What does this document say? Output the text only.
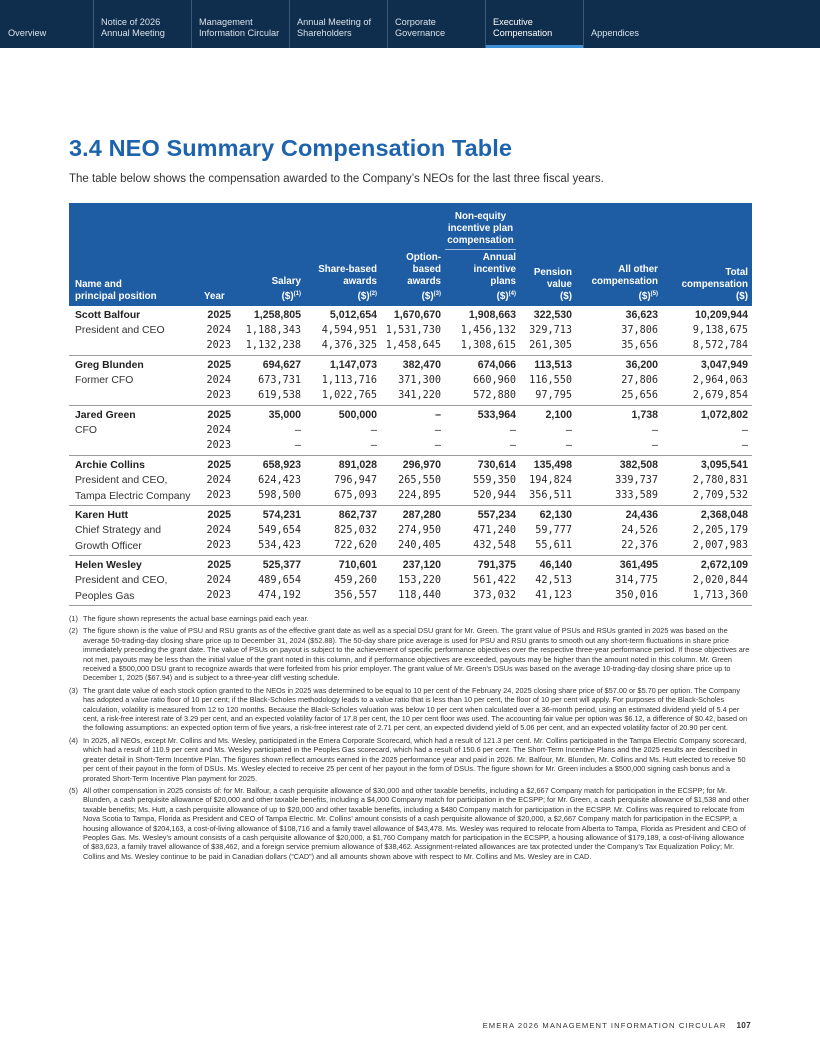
Overview
Notice of 2026
Annual Meeting
Management
Information Circular
Annual Meeting of
Shareholders
Corporate
Governance
Executive
Compensation	Appendices
3.4 NEO Summary Compensation Table

The table below shows the compensation awarded to the Company’s NEOs for the last three fiscal years.

Non-equity
incentive plan
compensation
Name and
principal position	Year
Salary
($)$^{(1)}$
Share-based
awards
($)$^{(2)}$
Option-
based
awards
($)$^{(3)}$
Annual
incentive
plans
($)$^{(4)}$
Pension
value
($)
All other
compensation
($)$^{(5)}$
Total
compensation
($)
Scott Balfour
President and CEO
2025	1,258,805	5,012,654	1,670,670	1,908,663	322,530	36,623	10,209,944
2024	1,188,343	4,594,951 1,531,730	1,456,132	329,713	37,806	9,138,675
2023	1,132,238	4,376,325 1,458,645	1,308,615	261,305	35,656	8,572,784
Greg Blunden
Former CFO
2025	694,627	1,147,073	382,470	674,066	113,513	36,200	3,047,949
2024	673,731	1,113,716	371,300	660,960	116,550	27,806	2,964,063
2023	619,538	1,022,765	341,220	572,880	97,795	25,656	2,679,854
Jared Green
CFO
2025	35,000	500,000	–	533,964	2,100	1,738	1,072,802
2024	–	–	–	–	–	–	–
2023	–	–	–	–	–	–	–
Archie Collins
President and CEO,
Tampa Electric Company
2025	658,923	891,028	296,970	730,614	135,498	382,508	3,095,541
2024	624,423	796,947	265,550	559,350	194,824	339,737	2,780,831
2023	598,500	675,093	224,895	520,944	356,511	333,589	2,709,532
Karen Hutt
Chief Strategy and
Growth Officer
2025	574,231	862,737	287,280	557,234	62,130	24,436	2,368,048
2024	549,654	825,032	274,950	471,240	59,777	24,526	2,205,179
2023	534,423	722,620	240,405	432,548	55,611	22,376	2,007,983
Helen Wesley
President and CEO,
Peoples Gas
2025	525,377	710,601	237,120	791,375	46,140	361,495	2,672,109
2024	489,654	459,260	153,220	561,422	42,513	314,775	2,020,844
2023	474,192	356,557	118,440	373,032	41,123	350,016	1,713,360
(1) The figure shown represents the actual base earnings paid each year.
(2) The figure shown is the value of PSU and RSU grants as of the effective grant date as well as a special DSU grant for Mr. Green. The grant value of PSUs and RSUs granted in 2025 was based on the average 50-trading-day closing share price up to December 31, 2024 ($52.88). The 50-day share price average is used for PSU and RSU grants to smooth out any short-term fluctuations in share price immediately preceding the grant date. The value of PSUs on payout is subject to the achievement of specific performance objectives over the respective three-year performance period. If those objectives are not met, payouts may be less than the initial value of the grant noted in this column, and if performance objectives are exceeded, payouts may be higher than the amount noted in this column. Mr. Green received a $500,000 DSU grant to recognize awards that were forfeited from his prior employer. The grant value of Mr. Green’s DSUs was based on the average 10-trading-day closing share price up to December 1, 2025 ($67.94) and is subject to a three-year cliff vesting schedule.
(3) The grant date value of each stock option granted to the NEOs in 2025 was determined to be equal to 10 per cent of the February 24, 2025 closing share price of $57.00 or $5.70 per option. The Company has adopted a value ratio floor of 10 per cent; if the Black-Scholes methodology leads to a value ratio that is less than 10 per cent, the floor of 10 per cent will apply. For purposes of the Black-Scholes calculation, volatility is measured from 12 to 120 months. Because the Black-Scholes valuation was below 10 per cent when calculated over a 36-month period, using an estimated dividend yield of 5.4 per cent, a risk-free interest rate of 3.29 per cent, and an expected volatility factor of 17.8 per cent, the 10 per cent floor was used. The accounting fair value per option was $6.12, a difference of $0.42, based on the following assumptions: an expected option term of five years, a risk-free interest rate of 2.71 per cent, an expected dividend yield of 5.06 per cent, and an expected volatility factor of 20.90 per cent.
(4) In 2025, all NEOs, except Mr. Collins and Ms. Wesley, participated in the Emera Corporate Scorecard, which had a result of 121.3 per cent. Mr. Collins participated in the Tampa Electric Company scorecard, which had a result of 110.9 per cent and Ms. Wesley participated in the Peoples Gas scorecard, which had a result of 150.6 per cent. The Short-Term Incentive Plans and the 2025 results are described in greater detail in Short-Term Incentive Plan. The figures shown reflect amounts earned in the 2025 performance year and paid in 2026. Mr. Balfour, Mr. Blunden, Mr. Collins and Ms. Hutt elected to receive 50 per cent of their payout in the form of DSUs. Ms. Wesley elected to receive 25 per cent of her payout in the form of DSUs. The figure shown for Mr. Green includes a $500,000 signing cash bonus and a prorated Short-Term Incentive Plan payment for 2025.
(5) All other compensation in 2025 consists of: for Mr. Balfour, a cash perquisite allowance of $30,000 and other taxable benefits, including a $2,667 Company match for participation in the ECSPP; for Mr. Blunden, a cash perquisite allowance of $20,000 and other taxable benefits, including a $4,000 Company match for participation in the ECSPP; for Mr. Green, a cash perquisite allowance of $1,538 and other taxable benefits; Ms. Hutt, a cash perquisite allowance of up to $20,000 and other taxable benefits, including a $480 Company match for participation in the ECSPP. Mr. Collins was required to relocate from Nova Scotia to Tampa, Florida as President and CEO of Tampa Electric. Mr. Collins’ amount consists of a cash perquisite allowance of $20,000, a $2,667 Company match for participation in the ECSPP, a housing allowance of $204,163, a cost-of-living allowance of $108,716 and a family travel allowance of $43,478. Ms. Wesley was required to relocate from Alberta to Tampa, Florida as President and CEO of Peoples Gas. Ms. Wesley’s amount consists of a cash perquisite allowance of $20,000, a $1,760 Company match for participation in the ECSPP, a housing allowance of $179,189, a cost-of-living allowance of $83,623, a family travel allowance of $38,462, and a foreign service premium allowance of $38,462. Assignment-related allowances are tax protected under the Company’s Tax Equalization Policy; Mr. Collins and Ms. Wesley continue to be paid in Canadian dollars (“CAD”) and all amounts shown above with respect to Mr. Collins and Ms. Wesley are in CAD.
EMERA 2026 MANAGEMENT INFORMATION CIRCULAR 107
